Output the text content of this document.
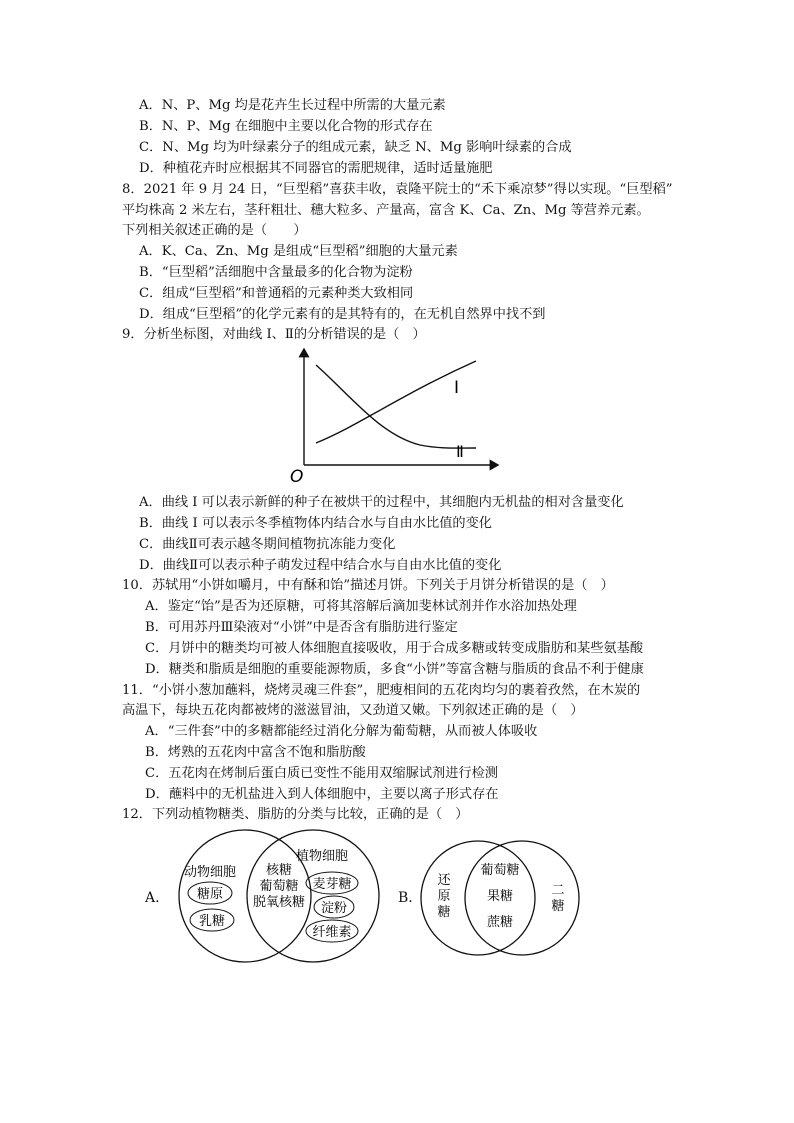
A．N、P、Mg 均是花卉生长过程中所需的大量元素
B．N、P、Mg 在细胞中主要以化合物的形式存在
C．N、Mg 均为叶绿素分子的组成元素，缺乏 N、Mg 影响叶绿素的合成
D．种植花卉时应根据其不同器官的需肥规律，适时适量施肥
8．2021 年 9 月 24 日，“巨型稻”喜获丰收，袁隆平院士的“禾下乘凉梦”得以实现。“巨型稻”
平均株高 2 米左右，茎秆粗壮、穗大粒多、产量高，富含 K、Ca、Zn、Mg 等营养元素。
下列相关叙述正确的是（　　）
A．K、Ca、Zn、Mg 是组成“巨型稻”细胞的大量元素
B．“巨型稻”活细胞中含量最多的化合物为淀粉
C．组成“巨型稻”和普通稻的元素种类大致相同
D．组成“巨型稻”的化学元素有的是其特有的，在无机自然界中找不到
9．分析坐标图，对曲线 I、Ⅱ的分析错误的是（　）
I
Ⅱ
O
A．曲线 I 可以表示新鲜的种子在被烘干的过程中，其细胞内无机盐的相对含量变化
B．曲线 I 可以表示冬季植物体内结合水与自由水比值的变化
C．曲线Ⅱ可表示越冬期间植物抗冻能力变化
D．曲线Ⅱ可以表示种子萌发过程中结合水与自由水比值的变化
10．苏轼用“小饼如嚼月，中有酥和饴”描述月饼。下列关于月饼分析错误的是（　）
A．鉴定“饴”是否为还原糖，可将其溶解后滴加斐林试剂并作水浴加热处理
B．可用苏丹Ⅲ染液对“小饼”中是否含有脂肪进行鉴定
C．月饼中的糖类均可被人体细胞直接吸收，用于合成多糖或转变成脂肪和某些氨基酸
D．糖类和脂质是细胞的重要能源物质，多食“小饼”等富含糖与脂质的食品不利于健康
11．“小饼小葱加蘸料，烧烤灵魂三件套”，肥瘦相间的五花肉均匀的裹着孜然，在木炭的
高温下，每块五花肉都被烤的滋滋冒油，又劲道又嫩。下列叙述正确的是（　）
A．“三件套”中的多糖都能经过消化分解为葡萄糖，从而被人体吸收
B．烤熟的五花肉中富含不饱和脂肪酸
C．五花肉在烤制后蛋白质已变性不能用双缩脲试剂进行检测
D．蘸料中的无机盐进入到人体细胞中，主要以离子形式存在
12．下列动植物糖类、脂肪的分类与比较，正确的是（　）
A.
动物细胞
植物细胞
核糖
葡萄糖
脱氧核糖
糖原
乳糖
麦芽糖
淀粉
纤维素
B.
还
原
糖
二
糖
葡萄糖
果糖
蔗糖
